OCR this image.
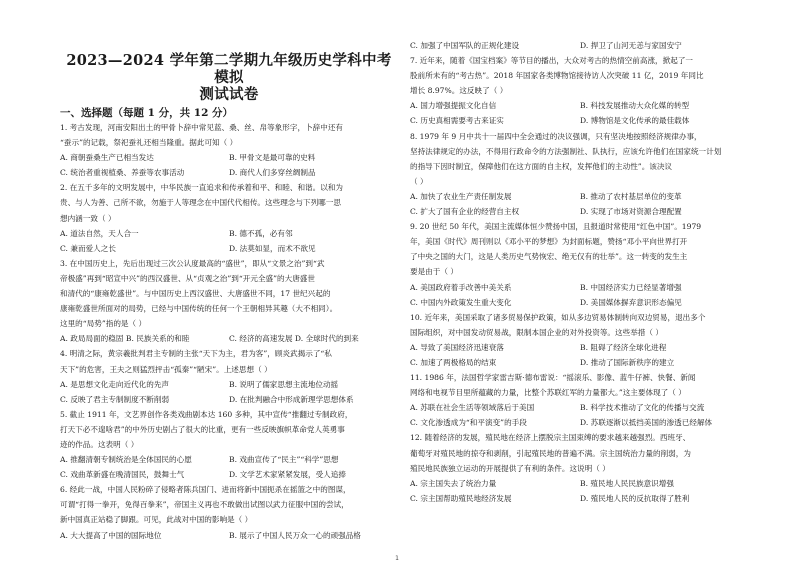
2023—2024 学年第二学期九年级历史学科中考模拟
测试试卷
一、选择题（每题 1 分，共 12 分）
1. 考古发现，河南安阳出土的甲骨卜辞中常见蓝、桑、丝、帛等象形字，卜辞中还有
“蚕示”的记载，祭祀蚕礼还相当隆重。据此可知（ ）
A. 商朝蚕桑生产已相当发达	B. 甲骨文是最可靠的史料
C. 统治者重视植桑、养蚕等农事活动	D. 商代人们多穿丝绸制品
2. 在五千多年的文明发展中，中华民族一直追求和传承着和平、和睦、和谐。以和为
贵、与人为善、己所不欲，勿施于人等理念在中国代代相传。这些理念与下列哪一思
想内涵一致（ ）
A. 道法自然，天人合一	B. 德不孤，必有邻
C. 兼而爱人之长	D. 法莫如显，而术不欲见
3. 在中国历史上，先后出现过三次公认度最高的“盛世”，即从“文景之治”到“武
帝极盛”再到“昭宣中兴”的西汉盛世、从“贞观之治”到“开元全盛”的大唐盛世
和清代的“康雍乾盛世”。与中国历史上西汉盛世、大唐盛世不同，17 世纪兴起的
康雍乾盛世所面对的局势，已经与中国传统的任何一个王朝相异其趣（大不相同）。
这里的“局势”指的是（ ）
A. 政局局面的稳固 B. 民族关系的和睦	C. 经济的高速发展 D. 全球时代的到来
4. 明清之际，黄宗羲批判君主专制的主张“天下为主，君为客”，顾炎武揭示了“私
天下”的危害，王夫之则猛烈抨击“孤秦”“陋宋”。上述思想（ ）
A. 是思想文化走向近代化的先声	B. 说明了儒家思想主流地位动摇
C. 反映了君主专制制度不断削弱	D. 在批判融合中形成新理学思想体系
5. 截止 1911 年，文艺界创作各类戏曲剧本达 160 多种，其中宣传“推翻过专制政府，
打天下必不遑啥君”的中外历史剧占了很大的比重，更有一些反映旗帜革命党人英勇事
迹的作品。这表明（ ）
A. 推翻清朝专制统治是全体国民的心愿	B. 戏曲宣传了“民主”“科学”思想
C. 戏曲革新盛在晚清国民，鼓舞士气	D. 文学艺术家紧紧发展，受人追捧
6. 经此一战，中国人民粉碎了侵略者陈兵国门、进而将新中国扼杀在摇篮之中的图谋，
可谓“打得一拳开，免得百拳来”，帝国主义再也不敢做出试图以武力征服中国的尝试，
新中国真正站稳了脚跟。可见，此战对中国的影响是（ ）
A. 大大提高了中国的国际地位	B. 展示了中国人民万众一心的顽强品格
C. 加强了中国军队的正规化建设	D. 捍卫了山河无恙与家国安宁
7. 近年来，随着《国宝档案》等节目的播出，大众对考古的热情空前高涨，掀起了一
股前所未有的“考古热”。2018 年国家各类博物馆接待访人次突破 11 亿，2019 年同比
增长 8.97%。这反映了（ ）
A. 国力增强提振文化自信	B. 科技发展推动大众化媒的转型
C. 历史真相需要考古来证实	D. 博物馆是文化传承的最佳载体
8. 1979 年 9 月中共十一届四中全会通过的决议强调，只有坚决地按照经济规律办事，
坚持法律规定的办法，不得用行政命令的方法强制社、队执行，应该允许他们在国家统一计划
的指导下因时制宜，保障他们在这方面的自主权，发挥他们的主动性”。该决议
（ ）
A. 加快了农业生产责任制发展	B. 推动了农村基层单位的变革
C. 扩大了国有企业的经营自主权	D. 实现了市场对资源合理配置
9. 20 世纪 50 年代，美国主流媒体恒少赞扬中国，且报道时常使用“红色中国”。1979
年，美国《时代》周刊则以《邓小平的梦想》为封面标题，赞扬“邓小平向世界打开
了中央之国的大门，这是人类历史气势恢宏、绝无仅有的壮举”。这一转变的发生主
要是由于（ ）
A. 美国政府着手改善中美关系	B. 中国经济实力已经显著增强
C. 中国内外政策发生重大变化	D. 美国媒体摒弃意识形态偏见
10. 近年来，美国采取了诸多贸易保护政策，如从多边贸易体制转向双边贸易，退出多个
国际组织，对中国发动贸易战，限制本国企业的对外投资等。这些举措（ ）
A. 导致了美国经济迅速衰落	B. 阻碍了经济全球化进程
C. 加速了两极格局的结束	D. 推动了国际新秩序的建立
11. 1986 年，法国哲学家雷吉斯·德布雷说：“摇滚乐、影像、蓝牛仔裤、快餐、新闻
网络和电视节目里所蕴藏的力量，比整个苏联红军的力量都大。”这主要体现了（ ）
A. 苏联在社会生活等领域落后于美国	B. 科学技术推动了文化的传播与交流
C. 文化渗透成为“和平演变”的手段	D. 苏联逐渐以抵挡美国的渗透已经解体
12. 随着经济的发展，殖民地在经济上摆脱宗主国束缚的要求越来越强烈。西班牙、
葡萄牙对殖民地的掠夺和剥削，引起殖民地的普遍不满。宗主国统治力量的削弱，为
殖民地民族独立运动的开展提供了有利的条件。这说明（ ）
A. 宗主国失去了统治力量	B. 殖民地人民民族意识增强
C. 宗主国帮助殖民地经济发展	D. 殖民地人民的反抗取得了胜利
1
